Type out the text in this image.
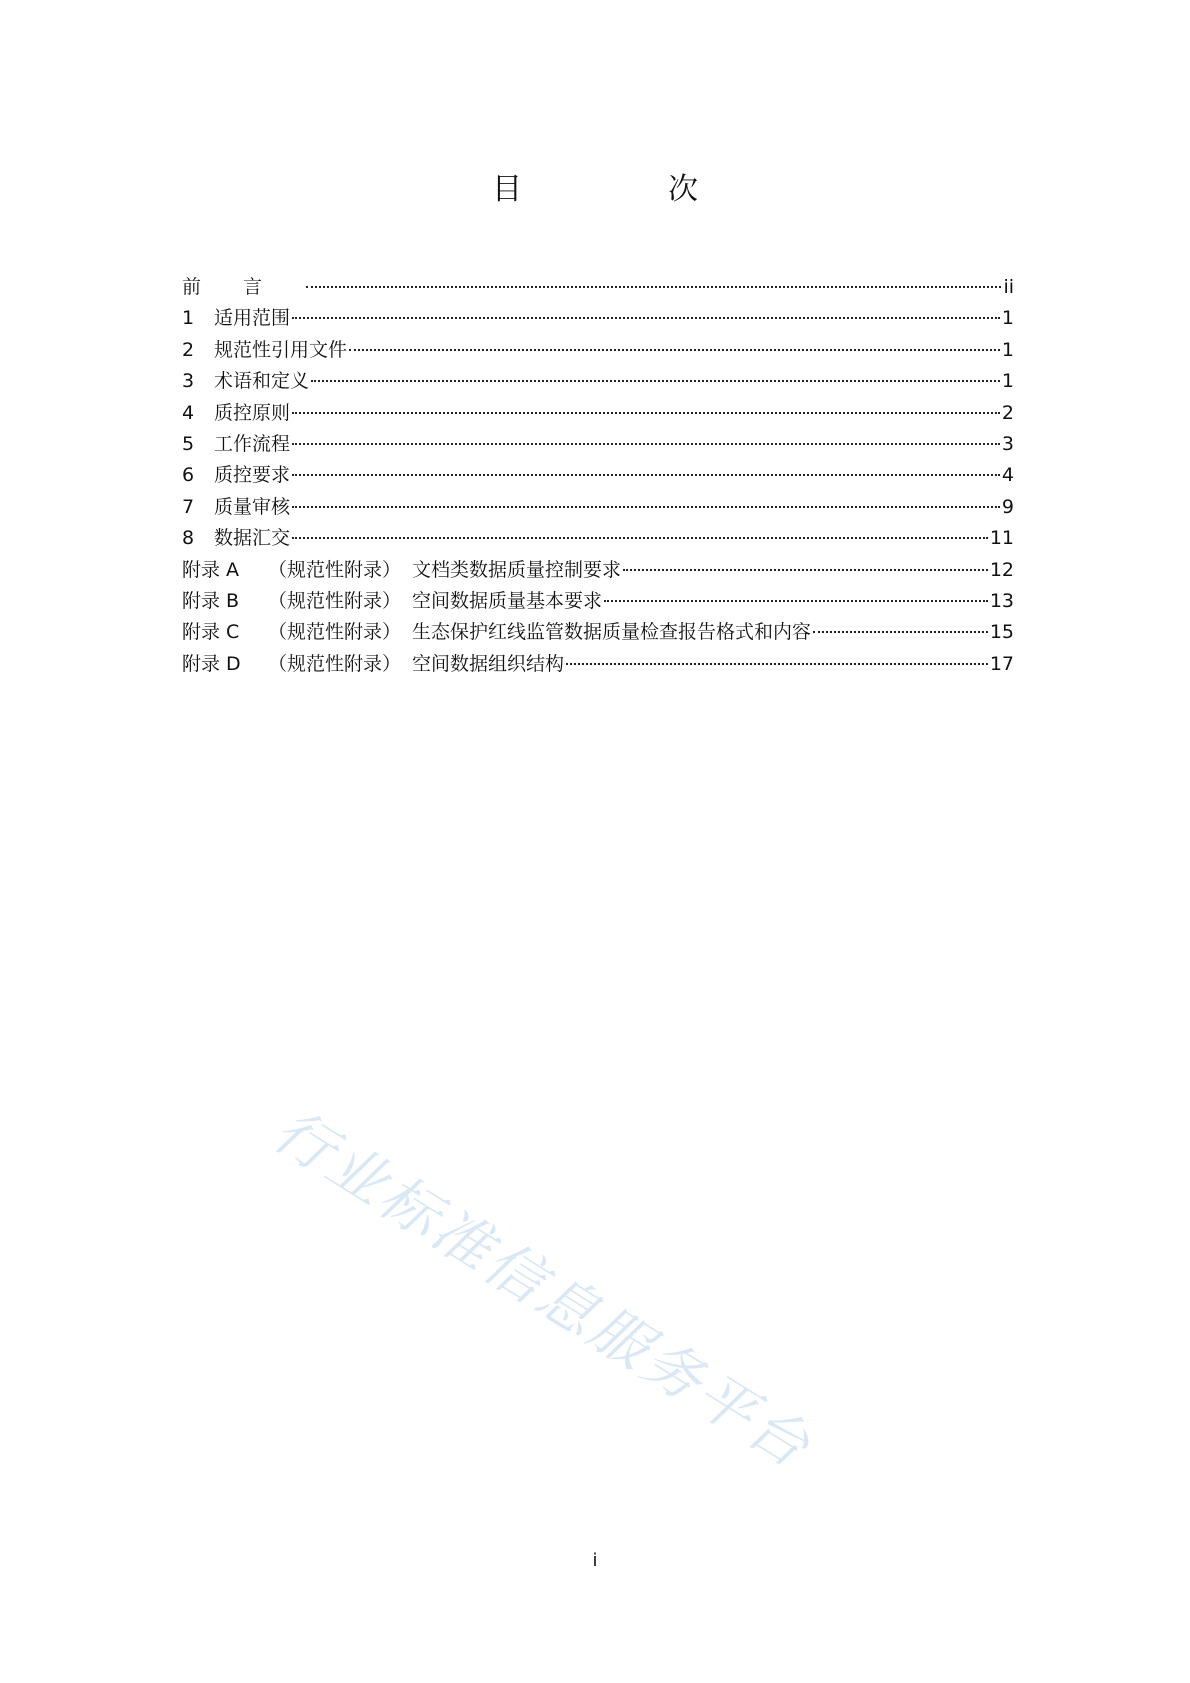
目　次
前言	ii
1	适用范围	1
2	规范性引用文件	1
3	术语和定义	1
4	质控原则	2
5	工作流程	3
6	质控要求	4
7	质量审核	9
8	数据汇交	11
附录 A	（规范性附录） 文档类数据质量控制要求	12
附录 B	（规范性附录） 空间数据质量基本要求	13
附录 C	（规范性附录） 生态保护红线监管数据质量检查报告格式和内容	15
附录 D	（规范性附录） 空间数据组织结构	17
行业标准信息服务平台
i
